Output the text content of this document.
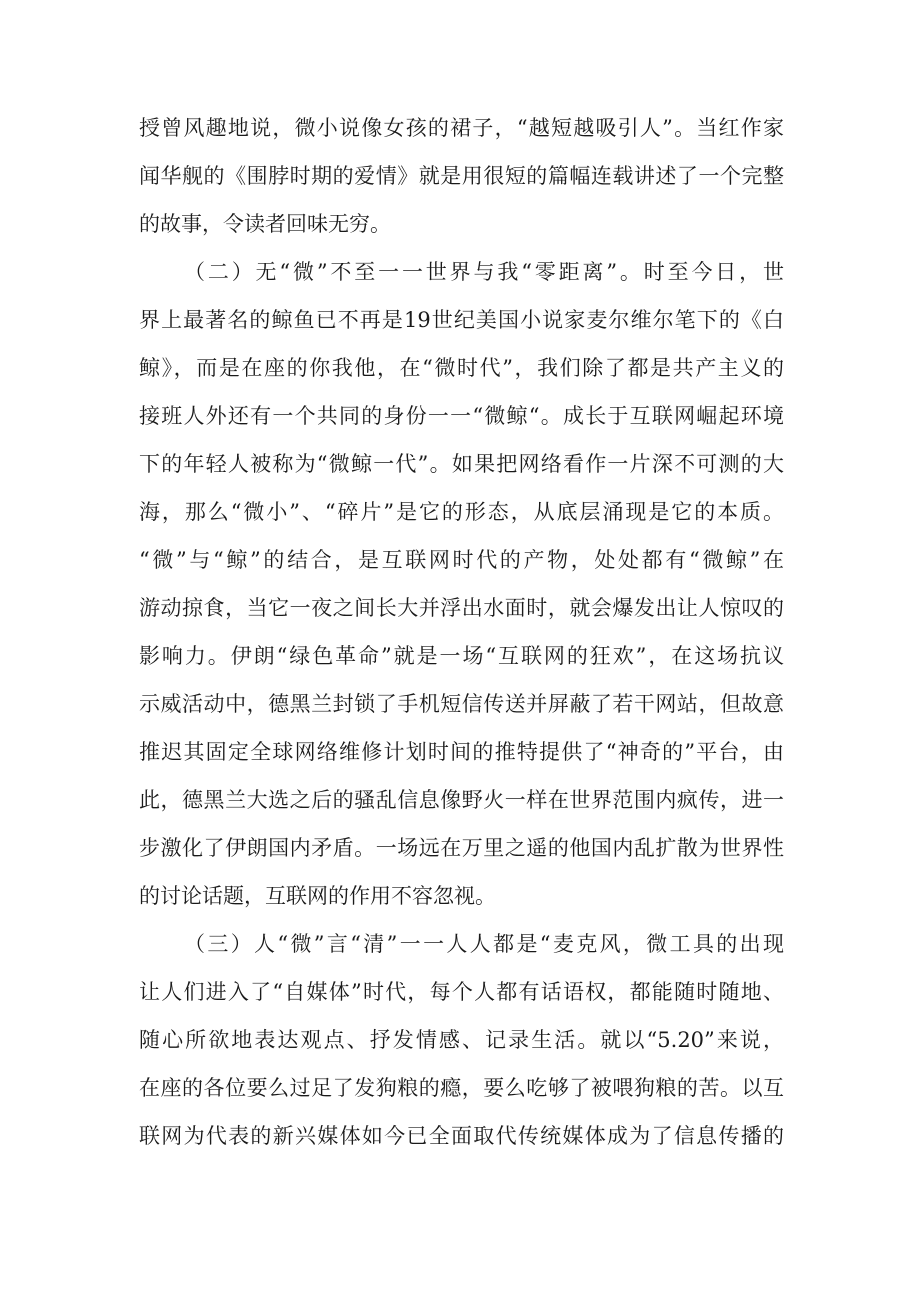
授曾风趣地说，微小说像女孩的裙子，“越短越吸引人”。当红作家
闻华舰的《围脖时期的爱情》就是用很短的篇幅连载讲述了一个完整
的故事，令读者回味无穷。
（二）无“微”不至一一世界与我“零距离”。时至今日，世
界上最著名的鲸鱼已不再是19世纪美国小说家麦尔维尔笔下的《白
鲸》，而是在座的你我他，在“微时代”，我们除了都是共产主义的
接班人外还有一个共同的身份一一“微鲸“。成长于互联网崛起环境
下的年轻人被称为“微鲸一代”。如果把网络看作一片深不可测的大
海，那么“微小”、“碎片”是它的形态，从底层涌现是它的本质。
“微”与“鲸”的结合，是互联网时代的产物，处处都有“微鲸”在
游动掠食，当它一夜之间长大并浮出水面时，就会爆发出让人惊叹的
影响力。伊朗“绿色革命”就是一场“互联网的狂欢”，在这场抗议
示威活动中，德黑兰封锁了手机短信传送并屏蔽了若干网站，但故意
推迟其固定全球网络维修计划时间的推特提供了“神奇的”平台，由
此，德黑兰大选之后的骚乱信息像野火一样在世界范围内疯传，进一
步激化了伊朗国内矛盾。一场远在万里之遥的他国内乱扩散为世界性
的讨论话题，互联网的作用不容忽视。
（三）人“微”言“清”一一人人都是“麦克风，微工具的出现
让人们进入了“自媒体”时代，每个人都有话语权，都能随时随地、
随心所欲地表达观点、抒发情感、记录生活。就以“5.20”来说，
在座的各位要么过足了发狗粮的瘾，要么吃够了被喂狗粮的苦。以互
联网为代表的新兴媒体如今已全面取代传统媒体成为了信息传播的
